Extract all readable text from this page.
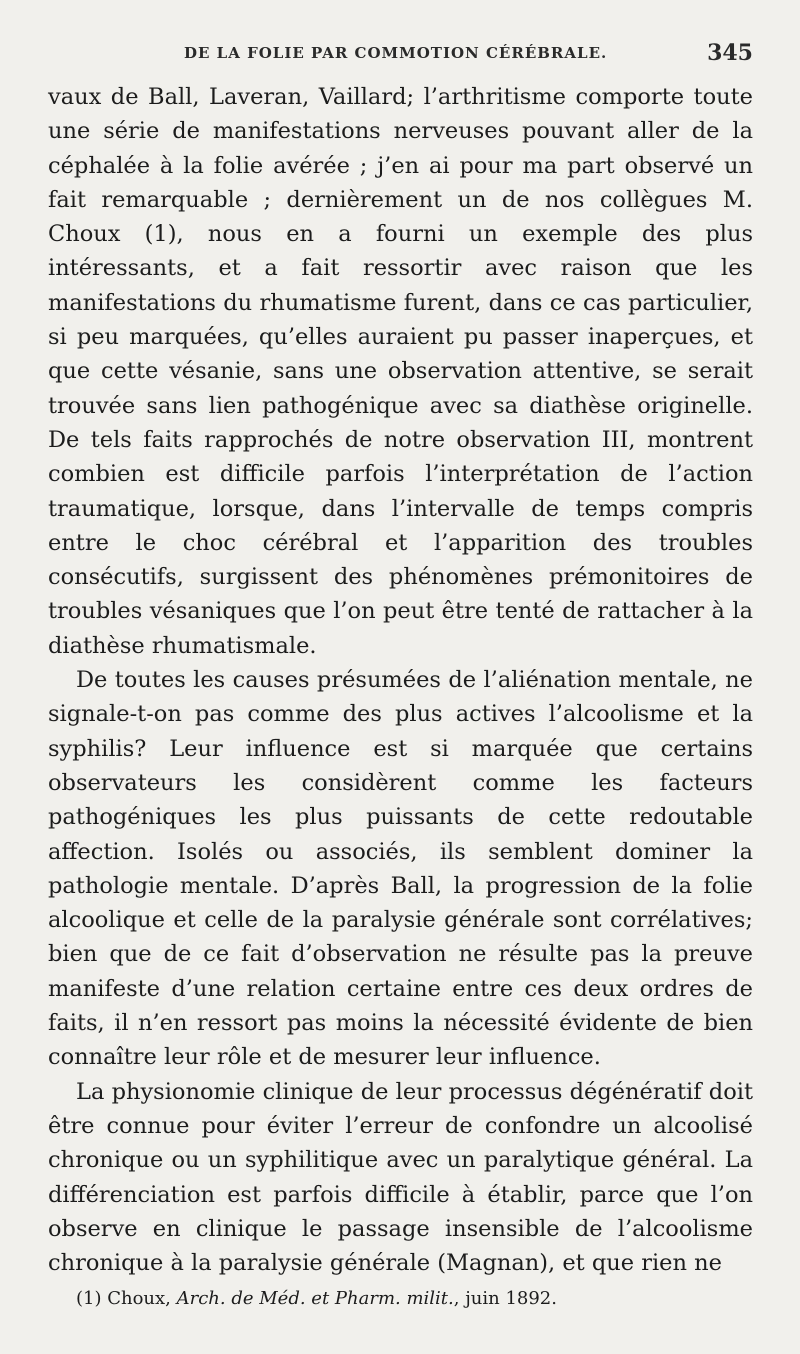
DE LA FOLIE PAR COMMOTION CÉRÉBRALE.	345

vaux de Ball, Laveran, Vaillard; l’arthritisme comporte toute une série de manifestations nerveuses pouvant aller de la céphalée à la folie avérée ; j’en ai pour ma part observé un fait remarquable ; dernièrement un de nos collègues M. Choux (1), nous en a fourni un exemple des plus intéressants, et a fait ressortir avec raison que les manifestations du rhumatisme furent, dans ce cas particulier, si peu marquées, qu’elles auraient pu passer inaperçues, et que cette vésanie, sans une observation attentive, se serait trouvée sans lien pathogénique avec sa diathèse originelle. De tels faits rapprochés de notre observation III, montrent combien est difficile parfois l’interprétation de l’action traumatique, lorsque, dans l’intervalle de temps compris entre le choc cérébral et l’apparition des troubles consécutifs, surgissent des phénomènes prémonitoires de troubles vésaniques que l’on peut être tenté de rattacher à la diathèse rhumatismale.

De toutes les causes présumées de l’aliénation mentale, ne signale-t-on pas comme des plus actives l’alcoolisme et la syphilis? Leur influence est si marquée que certains observateurs les considèrent comme les facteurs pathogéniques les plus puissants de cette redoutable affection. Isolés ou associés, ils semblent dominer la pathologie mentale. D’après Ball, la progression de la folie alcoolique et celle de la paralysie générale sont corrélatives; bien que de ce fait d’observation ne résulte pas la preuve manifeste d’une relation certaine entre ces deux ordres de faits, il n’en ressort pas moins la nécessité évidente de bien connaître leur rôle et de mesurer leur influence.

La physionomie clinique de leur processus dégénératif doit être connue pour éviter l’erreur de confondre un alcoolisé chronique ou un syphilitique avec un paralytique général. La différenciation est parfois difficile à établir, parce que l’on observe en clinique le passage insensible de l’alcoolisme chronique à la paralysie générale (Magnan), et que rien ne

(1) Choux, Arch. de Méd. et Pharm. milit., juin 1892.
